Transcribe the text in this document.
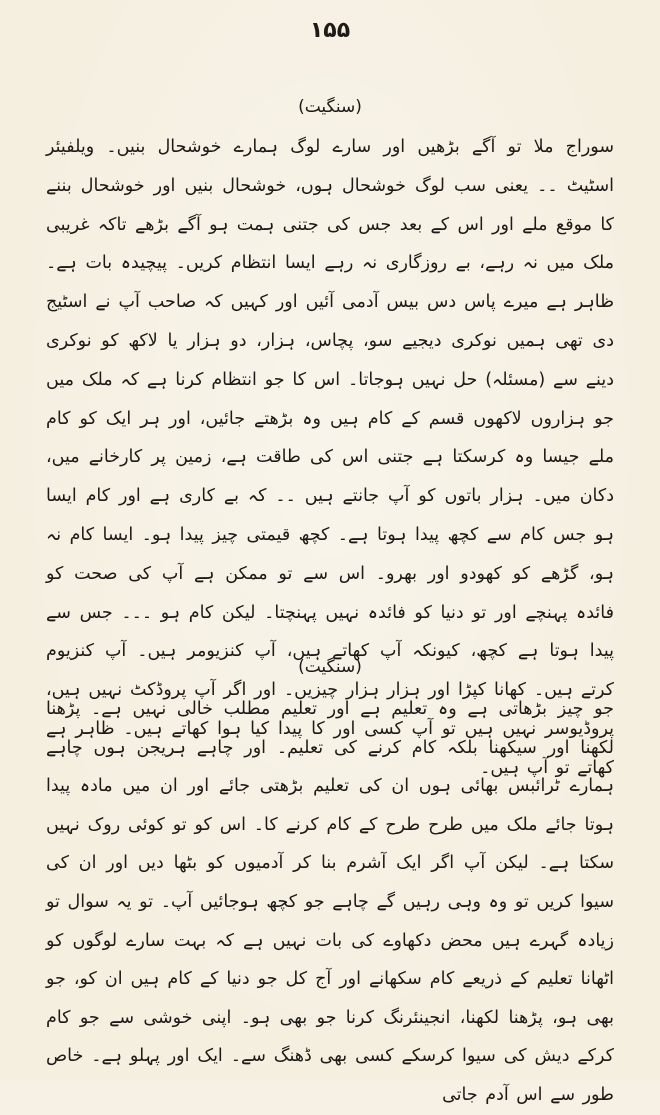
۱۵۵
(سنگیت)
سوراج ملا تو آگے بڑھیں اور سارے لوگ ہمارے خوشحال بنیں۔ ویلفیئر اسٹیٹ ۔۔ یعنی سب لوگ خوشحال ہوں، خوشحال بنیں اور خوشحال بننے کا موقع ملے اور اس کے بعد جس کی جتنی ہمت ہو آگے بڑھے تاکہ غریبی ملک میں نہ رہے، بے روزگاری نہ رہے ایسا انتظام کریں۔ پیچیدہ بات ہے۔ ظاہر ہے میرے پاس دس بیس آدمی آئیں اور کہیں کہ صاحب آپ نے اسٹیج دی تھی ہمیں نوکری دیجیے سو، پچاس، ہزار، دو ہزار یا لاکھ کو نوکری دینے سے (مسئلہ) حل نہیں ہوجاتا۔ اس کا جو انتظام کرنا ہے کہ ملک میں جو ہزاروں لاکھوں قسم کے کام ہیں وہ بڑھتے جائیں، اور ہر ایک کو کام ملے جیسا وہ کرسکتا ہے جتنی اس کی طاقت ہے، زمین پر کارخانے میں، دکان میں۔ ہزار باتوں کو آپ جانتے ہیں ۔۔ کہ بے کاری ہے اور کام ایسا ہو جس کام سے کچھ پیدا ہوتا ہے۔ کچھ قیمتی چیز پیدا ہو۔ ایسا کام نہ ہو، گڑھے کو کھودو اور بھرو۔ اس سے تو ممکن ہے آپ کی صحت کو فائدہ پہنچے اور تو دنیا کو فائدہ نہیں پہنچتا۔ لیکن کام ہو ۔۔۔ جس سے پیدا ہوتا ہے کچھ، کیونکہ آپ کھاتے ہیں، آپ کنزیومر ہیں۔ آپ کنزیوم کرتے ہیں۔ کھانا کپڑا اور ہزار ہزار چیزیں۔ اور اگر آپ پروڈکٹ نہیں ہیں، پروڈیوسر نہیں ہیں تو آپ کسی اور کا پیدا کیا ہوا کھاتے ہیں۔ ظاہر ہے کھاتے تو آپ ہیں۔
(سنگیت)
جو چیز بڑھاتی ہے وہ تعلیم ہے اور تعلیم مطلب خالی نہیں ہے۔ پڑھنا لکھنا اور سیکھنا بلکہ کام کرنے کی تعلیم۔ اور چاہے ہریجن ہوں چاہے ہمارے ٹرائبس بھائی ہوں ان کی تعلیم بڑھتی جائے اور ان میں مادہ پیدا ہوتا جائے ملک میں طرح طرح کے کام کرنے کا۔ اس کو تو کوئی روک نہیں سکتا ہے۔ لیکن آپ اگر ایک آشرم بنا کر آدمیوں کو بٹھا دیں اور ان کی سیوا کریں تو وہ وہی رہیں گے چاہے جو کچھ ہوجائیں آپ۔ تو یہ سوال تو زیادہ گہرے ہیں محض دکھاوے کی بات نہیں ہے کہ بہت سارے لوگوں کو اٹھانا تعلیم کے ذریعے کام سکھانے اور آج کل جو دنیا کے کام ہیں ان کو، جو بھی ہو، پڑھنا لکھنا، انجینئرنگ کرنا جو بھی ہو۔ اپنی خوشی سے جو کام کرکے دیش کی سیوا کرسکے کسی بھی ڈھنگ سے۔ ایک اور پہلو ہے۔ خاص طور سے اس آدم جاتی
